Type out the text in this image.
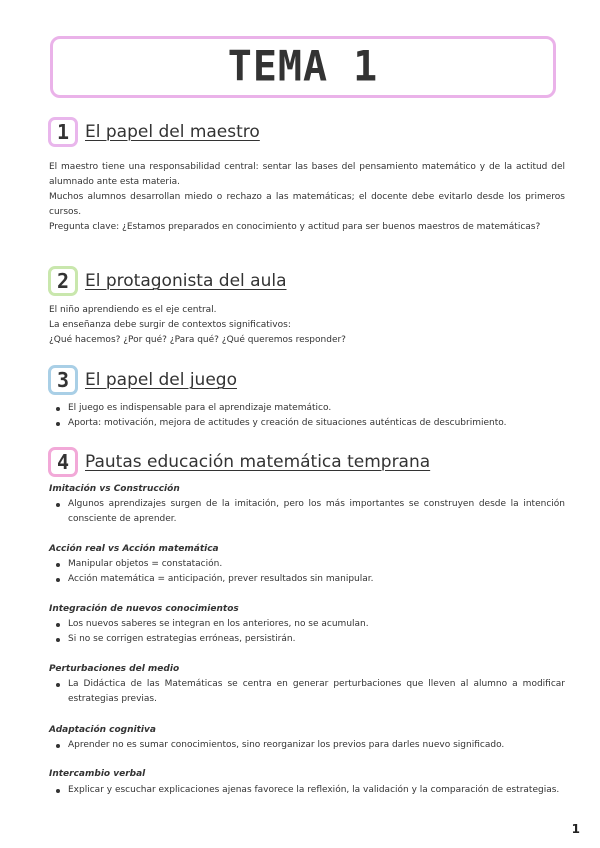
TEMA 1
1 El papel del maestro

El maestro tiene una responsabilidad central: sentar las bases del pensamiento matemático y de la actitud del alumnado ante esta materia.

Muchos alumnos desarrollan miedo o rechazo a las matemáticas; el docente debe evitarlo desde los primeros cursos.

Pregunta clave: ¿Estamos preparados en conocimiento y actitud para ser buenos maestros de matemáticas?

2 El protagonista del aula

El niño aprendiendo es el eje central.

La enseñanza debe surgir de contextos significativos:

¿Qué hacemos? ¿Por qué? ¿Para qué? ¿Qué queremos responder?

3 El papel del juego
El juego es indispensable para el aprendizaje matemático.
Aporta: motivación, mejora de actitudes y creación de situaciones auténticas de descubrimiento.
4 Pautas educación matemática temprana
Imitación vs Construcción
Algunos aprendizajes surgen de la imitación, pero los más importantes se construyen desde la intención consciente de aprender.
Acción real vs Acción matemática
Manipular objetos = constatación.
Acción matemática = anticipación, prever resultados sin manipular.
Integración de nuevos conocimientos
Los nuevos saberes se integran en los anteriores, no se acumulan.
Si no se corrigen estrategias erróneas, persistirán.
Perturbaciones del medio
La Didáctica de las Matemáticas se centra en generar perturbaciones que lleven al alumno a modificar estrategias previas.
Adaptación cognitiva
Aprender no es sumar conocimientos, sino reorganizar los previos para darles nuevo significado.
Intercambio verbal
Explicar y escuchar explicaciones ajenas favorece la reflexión, la validación y la comparación de estrategias.
1
